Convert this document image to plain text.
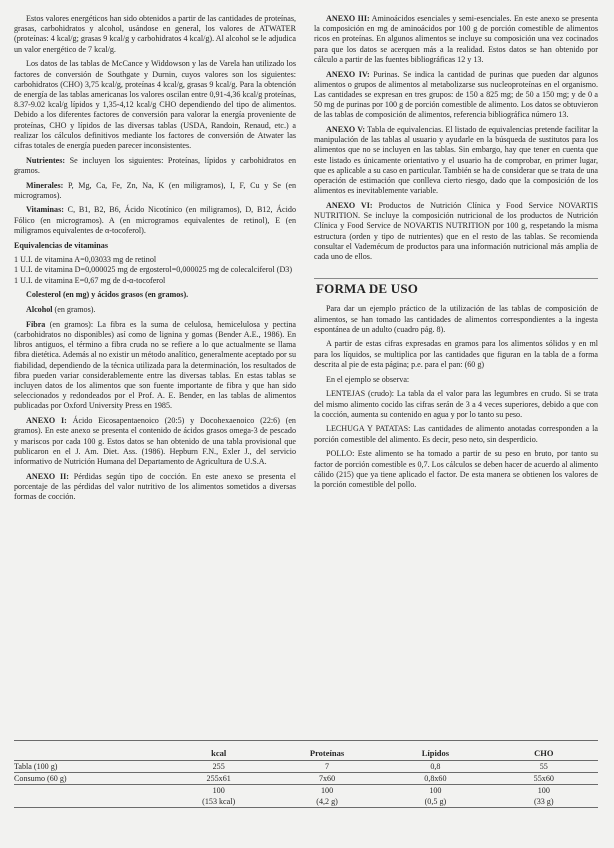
Estos valores energéticos han sido obtenidos a partir de las cantidades de proteínas, grasas, carbohidratos y alcohol, usándose en general, los valores de ATWATER (proteínas: 4 kcal/g; grasas 9 kcal/g y carbohidratos 4 kcal/g). Al alcohol se le adjudica un valor energético de 7 kcal/g.

Los datos de las tablas de McCance y Widdowson y las de Varela han utilizado los factores de conversión de Southgate y Durnin, cuyos valores son los siguientes: carbohidratos (CHO) 3,75 kcal/g, proteínas 4 kcal/g, grasas 9 kcal/g. Para la obtención de energía de las tablas americanas los valores oscilan entre 0,91-4,36 kcal/g proteínas, 8.37-9.02 kcal/g lípidos y 1,35-4,12 kcal/g CHO dependiendo del tipo de alimentos. Debido a los diferentes factores de conversión para valorar la energía proveniente de proteínas, CHO y lípidos de las diversas tablas (USDA, Randoin, Renaud, etc.) a realizar los cálculos definitivos mediante los factores de conversión de Atwater las cifras totales de energía pueden parecer inconsistentes.

Nutrientes: Se incluyen los siguientes: Proteínas, lípidos y carbohidratos en gramos.

Minerales: P, Mg, Ca, Fe, Zn, Na, K (en miligramos), I, F, Cu y Se (en microgramos).

Vitaminas: C, B1, B2, B6, Ácido Nicotínico (en miligramos), D, B12, Ácido Fólico (en microgramos). A (en microgramos equivalentes de retinol), E (en miligramos equivalentes de α-tocoferol).

Equivalencias de vitaminas

1 U.I. de vitamina A=0,03033 mg de retinol

1 U.I. de vitamina D=0,000025 mg de ergosterol=0,000025 mg de colecalciferol (D3)

1 U.I. de vitamina E=0,67 mg de d-α-tocoferol

Colesterol (en mg) y ácidos grasos (en gramos).

Alcohol (en gramos).

Fibra (en gramos): La fibra es la suma de celulosa, hemicelulosa y pectina (carbohidratos no disponibles) así como de lignina y gomas (Bender A.E., 1986). En libros antiguos, el término a fibra cruda no se refiere a lo que actualmente se llama fibra dietética. Además al no existir un método analítico, generalmente aceptado por su fiabilidad, dependiendo de la técnica utilizada para la determinación, los resultados de fibra pueden variar considerablemente entre las diversas tablas. En estas tablas se incluyen datos de los alimentos que son fuente importante de fibra y que han sido seleccionados y redondeados por el Prof. A. E. Bender, en las tablas de alimentos publicadas por Oxford University Press en 1985.

ANEXO I: Ácido Eicosapentaenoico (20:5) y Docohexaenoico (22:6) (en gramos). En este anexo se presenta el contenido de ácidos grasos omega-3 de pescado y mariscos por cada 100 g. Estos datos se han obtenido de una tabla provisional que publicaron en el J. Am. Diet. Ass. (1986). Hepburn F.N., Exler J., del servicio informativo de Nutrición Humana del Departamento de Agricultura de U.S.A.

ANEXO II: Pérdidas según tipo de cocción. En este anexo se presenta el porcentaje de las pérdidas del valor nutritivo de los alimentos sometidos a diversas formas de cocción.

ANEXO III: Aminoácidos esenciales y semi-esenciales. En este anexo se presenta la composición en mg de aminoácidos por 100 g de porción comestible de alimentos ricos en proteínas. En algunos alimentos se incluye su composición una vez cocinados para que los datos se acerquen más a la realidad. Estos datos se han obtenido por cálculo a partir de las fuentes bibliográficas 12 y 13.

ANEXO IV: Purinas. Se indica la cantidad de purinas que pueden dar algunos alimentos o grupos de alimentos al metabolizarse sus nucleoproteínas en el organismo. Las cantidades se expresan en tres grupos: de 150 a 825 mg; de 50 a 150 mg; y de 0 a 50 mg de purinas por 100 g de porción comestible de alimento. Los datos se obtuvieron de las tablas de composición de alimentos, referencia bibliográfica número 13.

ANEXO V: Tabla de equivalencias. El listado de equivalencias pretende facilitar la manipulación de las tablas al usuario y ayudarle en la búsqueda de sustitutos para los alimentos que no se incluyen en las tablas. Sin embargo, hay que tener en cuenta que este listado es únicamente orientativo y el usuario ha de comprobar, en primer lugar, que es aplicable a su caso en particular. También se ha de considerar que se trata de una operación de estimación que conlleva cierto riesgo, dado que la composición de los alimentos es inevitablemente variable.

ANEXO VI: Productos de Nutrición Clínica y Food Service NOVARTIS NUTRITION. Se incluye la composición nutricional de los productos de Nutrición Clínica y Food Service de NOVARTIS NUTRITION por 100 g, respetando la misma estructura (orden y tipo de nutrientes) que en el resto de las tablas. Se recomienda consultar el Vademécum de productos para una información nutricional más amplia de cada uno de ellos.

FORMA DE USO

Para dar un ejemplo práctico de la utilización de las tablas de composición de alimentos, se han tomado las cantidades de alimentos correspondientes a la ingesta espontánea de un adulto (cuadro pág. 8).

A partir de estas cifras expresadas en gramos para los alimentos sólidos y en ml para los líquidos, se multiplica por las cantidades que figuran en la tabla de a forma descrita al pie de esta página; p.e. para el pan: (60 g)

En el ejemplo se observa:

LENTEJAS (crudo): La tabla da el valor para las legumbres en crudo. Si se trata del mismo alimento cocido las cifras serán de 3 a 4 veces superiores, debido a que con la cocción, aumenta su contenido en agua y por lo tanto su peso.

LECHUGA Y PATATAS: Las cantidades de alimento anotadas corresponden a la porción comestible del alimento. Es decir, peso neto, sin desperdicio.

POLLO: Este alimento se ha tomado a partir de su peso en bruto, por tanto su factor de porción comestible es 0,7. Los cálculos se deben hacer de acuerdo al alimento cálido (215) que ya tiene aplicado el factor. De esta manera se obtienen los valores de la porción comestible del pollo.

	kcal	Proteínas	Lípidos	CHO
Tabla (100 g)	255	7	0,8	55
Consumo (60 g)	255x61	7x60	0,8x60	55x60
	100	100	100	100
	(153 kcal)	(4,2 g)	(0,5 g)	(33 g)
